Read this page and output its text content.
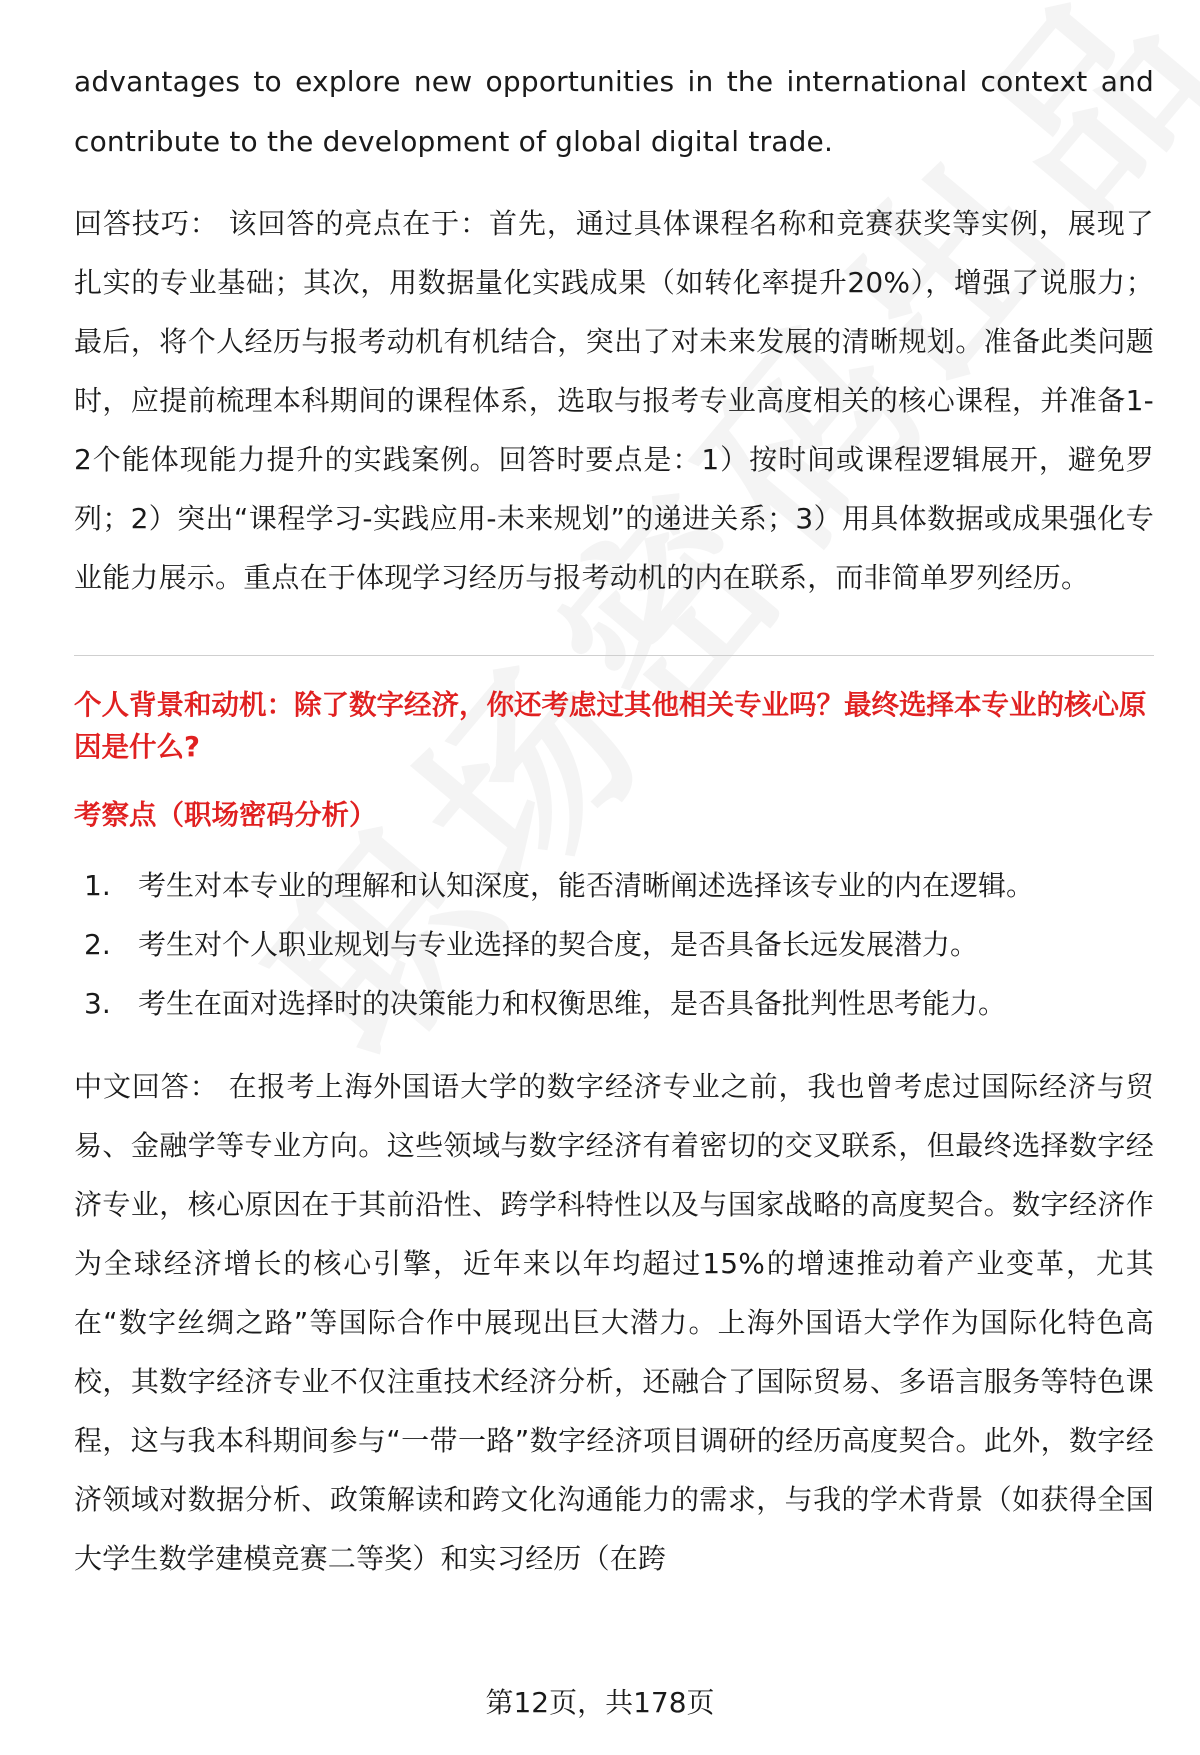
advantages to explore new opportunities in the international context and contribute to the development of global digital trade.

回答技巧： 该回答的亮点在于：首先，通过具体课程名称和竞赛获奖等实例，展现了扎实的专业基础；其次，用数据量化实践成果（如转化率提升20%），增强了说服力；最后，将个人经历与报考动机有机结合，突出了对未来发展的清晰规划。准备此类问题时，应提前梳理本科期间的课程体系，选取与报考专业高度相关的核心课程，并准备1-2个能体现能力提升的实践案例。回答时要点是：1）按时间或课程逻辑展开，避免罗列；2）突出“课程学习-实践应用-未来规划”的递进关系；3）用具体数据或成果强化专业能力展示。重点在于体现学习经历与报考动机的内在联系，而非简单罗列经历。

个人背景和动机：除了数字经济，你还考虑过其他相关专业吗？最终选择本专业的核心原因是什么?

考察点（职场密码分析）

1. 考生对本专业的理解和认知深度，能否清晰阐述选择该专业的内在逻辑。
2. 考生对个人职业规划与专业选择的契合度，是否具备长远发展潜力。
3. 考生在面对选择时的决策能力和权衡思维，是否具备批判性思考能力。

中文回答： 在报考上海外国语大学的数字经济专业之前，我也曾考虑过国际经济与贸易、金融学等专业方向。这些领域与数字经济有着密切的交叉联系，但最终选择数字经济专业，核心原因在于其前沿性、跨学科特性以及与国家战略的高度契合。数字经济作为全球经济增长的核心引擎，近年来以年均超过15%的增速推动着产业变革，尤其在“数字丝绸之路”等国际合作中展现出巨大潜力。上海外国语大学作为国际化特色高校，其数字经济专业不仅注重技术经济分析，还融合了国际贸易、多语言服务等特色课程，这与我本科期间参与“一带一路”数字经济项目调研的经历高度契合。此外，数字经济领域对数据分析、政策解读和跨文化沟通能力的需求，与我的学术背景（如获得全国大学生数学建模竞赛二等奖）和实习经历（在跨

第12页，共178页
